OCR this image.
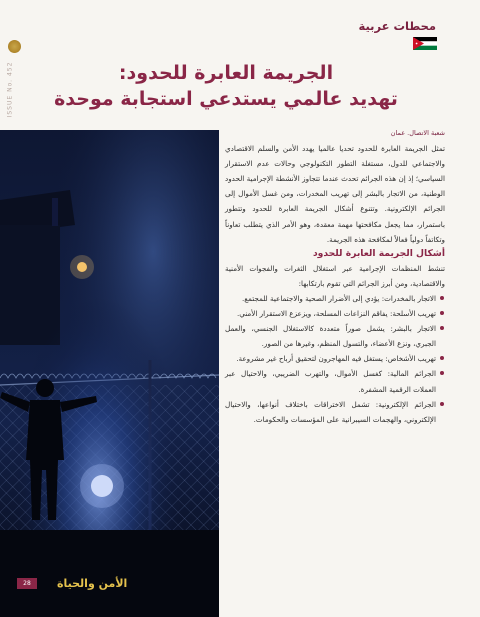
ISSUE No. 452
محطات عربية
الجريمة العابرة للحدود:
تهديد عالمي يستدعي استجابة موحدة
الأمن والحياة
28

شعبة الاتصال. عمان

تمثل الجريمة العابرة للحدود تحديا عالميا يهدد الأمن والسلم الاقتصادي والاجتماعي للدول، مستغلة التطور التكنولوجي وحالات عدم الاستقرار السياسي؛ إذ إن هذه الجرائم تحدث عندما تتجاوز الأنشطة الإجرامية الحدود الوطنية، من الاتجار بالبشر إلى تهريب المخدرات، ومن غسل الأموال إلى الجرائم الإلكترونية. وتتنوع أشكال الجريمة العابرة للحدود وتتطور باستمرار، مما يجعل مكافحتها مهمة معقدة، وهو الأمر الذي يتطلب تعاوناً وتكاتفاً دولياً فعالاً لمكافحة هذه الجريمة.

أشكال الجريمة العابرة للحدود

تنشط المنظمات الإجرامية عبر استغلال الثغرات والفجوات الأمنية والاقتصادية، ومن أبرز الجرائم التي تقوم بارتكابها:

الاتجار بالمخدرات: يؤدي إلى الأضرار الصحية والاجتماعية للمجتمع.
تهريب الأسلحة: يفاقم النزاعات المسلحة، ويزعزع الاستقرار الأمني.
الاتجار بالبشر: يشمل صوراً متعددة كالاستغلال الجنسي، والعمل الجبري، ونزع الأعضاء، والتسول المنظم، وغيرها من الصور.
تهريب الأشخاص: يستغل فيه المهاجرون لتحقيق أرباح غير مشروعة.
الجرائم المالية: كغسل الأموال، والتهرب الضريبي، والاحتيال عبر العملات الرقمية المشفرة.
الجرائم الإلكترونية: تشمل الاختراقات باختلاف أنواعها، والاحتيال الإلكتروني، والهجمات السيبرانية على المؤسسات والحكومات.
